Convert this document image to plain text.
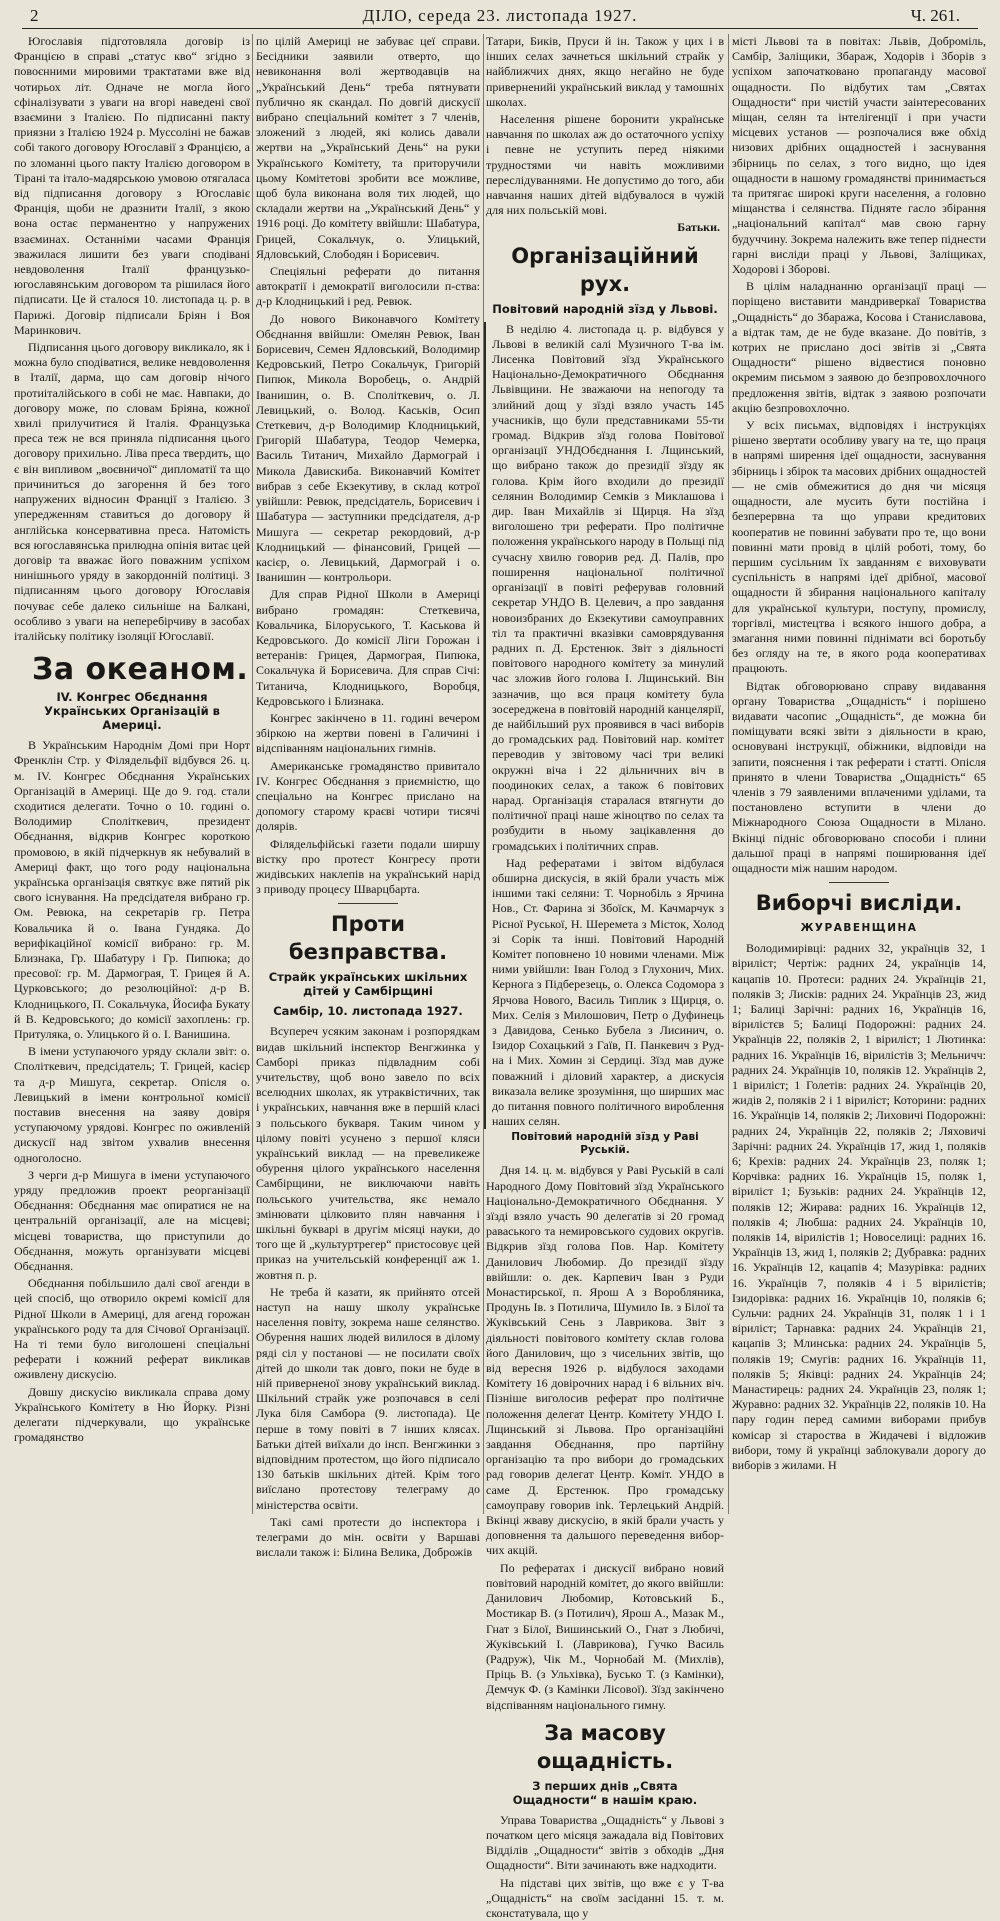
2	ДІЛО, середа 23. листопада 1927.	Ч. 261.

Югославія підготовляла договір із Францією в справі „статус кво“ згідно з повоєнними мировими трактатами вже від чотирьох літ. Одначе не могла його сфіналізувати з уваги на вгорі наведені свої взаємини з Італією. По підписанні пакту приязни з Італією 1924 р. Муссоліні не бажав собі такого договору Югославії з Францією, а по зломанні цього пакту Італією договором в Тірані та італо-мадярською умовою отягаласа від підписання договору з Югославіє Франція, щоби не дразнити Італії, з якою вона остає перманентно у напружених взаєминах. Останніми часами Франція зважилася лишити без уваги сподівані невдоволення Італії французько-югославянським договором та рішилася його підписати. Це й сталося 10. листопада ц. р. в Парижі. Договір підписали Бріян і Воя Маринкович.

Підписання цього договору викликало, як і можна було сподіватися, велике невдоволення в Італії, дарма, що сам договір нічого протиіталійського в собі не має. Навпаки, до договору може, по словам Бріяна, кожної хвилі прилучитися й Італія. Французька преса теж не вся приняла підписання цього договору прихильно. Ліва преса твердить, що є він випливом „воєвничої“ дипломатії та що причиниться до загорення й без того напружених відносин Франції з Італією. З упередженням ставиться до договору й англійська консервативна преса. Натомість вся югославянська прилюдна опінія витає цей договір та вважає його поважним успіхом нинішнього уряду в закордонній політиці. З підписанням цього договору Югославія почуває себе далеко сильніше на Балкані, особливо з уваги на неперебірчиву в засобах італійську політику ізоляції Югославії.

За океаном.
IV. Конгрес Обєднання Українських Організацій в Америці.

В Українським Народнім Домі при Норт Френклін Стр. у Філядельфії відбувся 26. ц. м. IV. Конгрес Обєднання Українських Організацій в Америці. Ще до 9. год. стали сходитися делегати. Точно о 10. годині о. Володимир Споліткевич, президент Обєднання, відкрив Конгрес короткою промовою, в якій підчеркнув як небувалий в Америці факт, що того роду національна українська організація святкує вже пятий рік свого існування. На предсідателя вибрано гр. Ом. Ревюка, на секретарів гр. Петра Ковальчика й о. Івана Гундяка. До верифікаційної комісії вибрано: гр. М. Близнака, Гр. Шабатуру і Гр. Пипюка; до пресової: гр. М. Дармограя, Т. Грицея й А. Цурковського; до резолюційної: д-р В. Клодницького, П. Сокальчука, Йосифа Букату й В. Кедровського; до комісії захоплень: гр. Притуляка, о. Улицького й о. І. Ванишина.

В імени уступаючого уряду склали звіт: о. Споліткевич, предсідатель; Т. Грицей, касієр та д-р Мишуга, секретар. Опісля о. Левицький в імени контрольної комісії поставив внесення на заяву довіря уступаючому урядові. Конгрес по оживленій дискусії над звітом ухвалив внесення одноголосно.

З черги д-р Мишуга в імени уступаючого уряду предложив проект реорганізації Обєднання: Обєднання має опиратися не на центральній організації, але на місцеві; місцеві товариства, що приступили до Обєднання, можуть організувати місцеві Обєднання.

Обєднання побільшило далі свої агенди в цей спосіб, що отворило окремі комісії для Рідної Школи в Америці, для агенд горожан українського роду та для Січової Організації. На ті теми було виголошені спеціальні реферати і кожний реферат викликав оживлену дискусію.

Довшу дискусію викликала справа дому Українського Комітету в Ню Йорку. Різні делегати підчеркували, що українське громадянство

по цілій Америці не забуває цеї справи. Бесідники заявили отверто, що невиконання волі жертводавців на „Український День“ треба пятнувати публично як скандал. По довгій дискусії вибрано спеціальний комітет з 7 членів, зложений з людей, які колись давали жертви на „Український День“ на руки Українського Комітету, та приторучили цьому Комітетові зробити все можливе, щоб була виконана воля тих людей, що складали жертви на „Український День“ у 1916 році. До комітету ввійшли: Шабатура, Грицей, Сокальчук, о. Улицький, Ядловський, Слободян і Борисевич.

Спеціяльні реферати до питання автократії і демократії виголосили п-ства: д-р Клодницький і ред. Ревюк.

До нового Виконавчого Комітету Обєднання ввійшли: Омелян Ревюк, Іван Борисевич, Семен Ядловський, Володимир Кедровський, Петро Сокальчук, Григорій Пипюк, Микола Воробець, о. Андрій Іванишин, о. В. Споліткевич, о. Л. Левицький, о. Волод. Каськів, Осип Стеткевич, д-р Володимир Клодницький, Григорій Шабатура, Теодор Чемерка, Василь Титанич, Михайло Дармограй і Микола Давискиба. Виконавчий Комітет вибрав з себе Екзекутиву, в склад котрої увійшли: Ревюк, предсідатель, Борисевич і Шабатура — заступники предсідателя, д-р Мишуга — секретар рекордовий, д-р Клодницький — фінансовий, Грицей — касієр, о. Левицький, Дармограй і о. Іванишин — контрольори.

Для справ Рідної Школи в Америці вибрано громадян: Стеткевича, Ковальчика, Білоруського, Т. Каськова й Кедровського. До комісії Ліги Горожан і ветеранів: Грицея, Дармограя, Пипюка, Сокальчука й Борисевича. Для справ Січі: Титанича, Клодницького, Воробця, Кедровського і Близнака.

Конгрес закінчено в 11. годині вечером збіркою на жертви повені в Галичині і відспіванням національних гимнів.

Американське громадянство привитало IV. Конгрес Обєднання з приємністю, що спеціально на Конгрес прислано на допомогу старому краєві чотири тисячі долярів.

Філядельфійські газети подали ширшу вістку про протест Конгресу проти жидівських наклепів на український нарід з приводу процесу Шварцбарта.

Проти безправства.
Страйк українських шкільних дітей у Самбірщині
Самбір, 10. листопада 1927.

Всупереч усяким законам і розпорядкам видав шкільний інспектор Венгжинка у Самборі приказ підвладним собі учительству, щоб воно завело по всіх вселюдних школах, як утраквістичних, так і українських, навчання вже в першій класі з польського букваря. Таким чином у цілому повіті усунено з першої кляси український виклад — на превеликеже обурення цілого українського населення Самбірщини, не виключаючи навіть польського учительства, якє немало змінювати цілковито плян навчання і шкільні букварі в другім місяці науки, до того ще й „культуртрегер“ пристосовує цей приказ на учительській конференції аж 1. жовтня п. р.

Не треба й казати, як прийнято отсей наступ на нашу школу українське населення повіту, зокрема наше селянство. Обурення наших людей вилилося в ділому ряді сіл у постанові — не посилати своїх дітей до школи так довго, поки не буде в ній приверненої знову український виклад. Шкільний страйк уже розпочався в селі Лука біля Самбора (9. листопада). Це перше в тому повіті в 7 інших клясах. Батьки дітей виїхали до інсп. Венгжинки з відповідним протестом, що його підписало 130 батьків шкільних дітей. Крім того виїслано протестову телеграму до міністерства освіти.

Такі самі протести до інспектора і телеграми до мін. освіти у Варшаві вислали також і: Білина Велика, Доброжів

Татари, Биків, Пруси й ін. Також у цих і в інших селах зачнеться шкільний страйк у найближчих днях, якщо негайно не буде приверненийі український виклад у тамошніх школах.

Населення рішене боронити українське навчання по школах аж до остаточного успіху і певне не уступить перед ніякими трудностями чи навіть можливими переслідуваннями. Не допустимо до того, аби навчання наших дітей відбувалося в чужій для них польській мові.

Батьки.
Організаційний рух.
Повітовий народній зїзд у Львові.

В неділю 4. листопада ц. р. відбувся у Львові в великій салі Музичного Т-ва ім. Лисенка Повітовий зїзд Українського Національно-Демократичного Обєднання Львівщини. Не зважаючи на непогоду та злийний дощ у зїзді взяло участь 145 учасників, що були представниками 55-ти громад. Відкрив зїзд голова Повітової організації УНДОбєднання І. Лщинський, що вибрано також до президії зїзду як голова. Крім його входили до президії селянин Володимир Семків з Миклашова і дир. Іван Михайлів зі Щирця. На зїзд виголошено три реферати. Про політичне положення українського народу в Польщі під сучасну хвилю говорив ред. Д. Палів, про поширення національної політичної організації в повіті реферував головний секретар УНДО В. Целевич, а про завдання новоизбраних до Екзекутиви самоуправних тіл та практичні вказівки самоврядування радних п. Д. Ерстенюк. Звіт з діяльності повітового народного комітету за минулий час зложив його голова І. Лщинський. Він зазначив, що вся праця комітету була зосереджена в повітовій народній канцелярії, де найбільший рух проявився в часі виборів до громадських рад. Повітовий нар. комітет переводив у звітовому часі три великі окружні віча і 22 дільничних віч в поодиноких селах, а також 6 повітових нарад. Організація старалася втягнути до політичної праці наше жіноцтво по селах та розбудити в ньому зацікавлення до громадських і політичних справ.

Над рефератами і звітом відбулася обширна дискусія, в якій брали участь між іншими такі селяни: Т. Чорнобіль з Ярчина Нов., Ст. Фарина зі Збоїск, М. Качмарчук з Рісної Руської, Н. Шеремета з Місток, Холод зі Сорік та інші. Повітовий Народній Комітет поповнено 10 новими членами. Між ними увійшли: Іван Голод з Глухонич, Мих. Кернога з Підберезець, о. Олекса Содомора з Ярчова Нового, Василь Типлик з Щирця, о. Мих. Селія з Милошович, Петр о Дуфинець з Давидова, Сенько Бубела з Лисинич, о. Ізидор Сохацький з Гаїв, П. Панкевич з Рудна і Мих. Хомин зі Сердиці. Зїзд мав дуже поважний і діловий характер, а дискусія виказала велике зрозуміння, що ширших мас до питання повного політичного вироблення наших селян.

Повітовий народній зїзд у Раві Руській.

Дня 14. ц. м. відбувся у Раві Руській в салі Народного Дому Повітовий зїзд Українського Національно-Демократичного Обєднання. У зїзді взяло участь 90 делегатів зі 20 громад раваського та немировського судових округів. Відкрив зїзд голова Пов. Нар. Комітету Данилович Любомир. До президії зїзду ввійшли: о. дек. Карпевич Іван з Руди Монастирської, п. Ярош А з Воробляника, Продунь Ів. з Потилича, Шумило Ів. з Білої та Жуківський Сень з Лаврикова. Звіт з діяльності повітового комітету склав голова його Данилович, що з чисельних звітів, що від вересня 1926 р. відбулося заходами Комітету 16 довірочних нарад і 6 вільних віч. Пізніше виголосив реферат про політичне положення делегат Центр. Комітету УНДО І. Лщинський зі Львова. Про організаційні завдання Обєднання, про партійну організацію та про вибори до громадських рад говорив делегат Центр. Коміт. УНДО в саме Д. Ерстенюк. Про громадську самоуправу говорив ink. Терлецький Андрій. Вкінці жваву дискусію, в якій брали участь у доповнення та дальшого переведення виборчих акцій.

По рефератах і дискусії вибрано новий повітовий народній комітет, до якого ввійшли: Данилович Любомир, Котовський Б., Мостикар В. (з Потилич), Ярош А., Мазак М., Гнат з Білої, Вишинський О., Гнат з Любичі, Жуківський І. (Лаврикова), Гучко Василь (Радруж), Чік М., Чорнобай М. (Михлів), Пріць В. (з Ульхівка), Бусько Т. (з Камінки), Демчук Ф. (з Камінки Лісової). Зїзд закінчено відспіванням національного гимну.

За масову ощадність.
З перших днів „Свята Ощадности“ в нашім краю.

Управа Товариства „Ощадність“ у Львові з початком цего місяця зажадала від Повітових Відділів „Ощадности“ звітів з обходів „Дня Ощадности“. Віти зачинають вже надходити.

На підставі цих звітів, що вже є у Т-ва „Ощадність“ на своїм засіданні 15. т. м. сконстатувала, що у

місті Львові та в повітах: Львів, Доброміль, Самбір, Заліщики, Збараж, Ходорів і Зборів з успіхом започатковано пропаганду масової ощадности. По відбутих там „Святах Ощадности“ при чистій участи заінтересованих міщан, селян та інтелігенції і при участи місцевих установ — розпочалися вже обхід низових дрібних ощадностей і заснування збірниць по селах, з того видно, що ідея ощадности в нашому громадянстві принимається та притягає широкі круги населення, а головно міщанства і селянства. Підняте гасло збірання „національний капітал“ мав свою гарну будуччину. Зокрема належить вже тепер піднести гарні висліди праці у Львові, Заліщиках, Ходорові і Зборові.

В цілім наладнанню організації праці — поріщено виставити мандриверкаї Товариства „Ощадність“ до Збаража, Косова і Станиславова, а відтак там, де не буде вказане. До повітів, з котрих не прислано досі звітів зі „Свята Ощадности“ рішено відвестися поновно окремим письмом з заявою до безпровохлочного предложення звітів, відтак з заявою розпочати акцію безпровохлочно.

У всіх письмах, відповідях і інструкціях рішено звертати особливу увагу на те, що праця в напрямі ширення ідеї ощадности, заснування збірниць і збірок та масових дрібних ощадностей — не смів обмежитися до дня чи місяця ощадности, але мусить бути постійна і безперервна та що управи кредитових кооператив не повинні забувати про те, що вони повинні мати провід в цілій роботі, тому, бо першим сусільним їх завданням є виховувати суспільність в напрямі ідеї дрібної, масової ощадности й збирання національного капіталу для української культури, поступу, промислу, торгівлі, мистецтва і всякого іншого добра, а змагання ними повинні піднімати всі боротьбу без огляду на те, в якого рода кооперативах працюють.

Відтак обговорювано справу видавання органу Товариства „Ощадність“ і порішено видавати часопис „Ощадність“, де можна би поміщувати всякі звіти з діяльности в краю, основувані інструкції, обіжники, відповіди на запити, пояснення і так реферати і статті. Опісля принято в члени Товариства „Ощадність“ 65 членів з 79 заявленими вплаченими уділами, та постановлено вступити в члени до Міжнародного Союза Ощадности в Мілано. Вкінці підніс обговорювано способи і плини дальшої праці в напрямі поширювання ідеї ощадности між нашим народом.

Виборчі висліди.
ЖУРАВЕНЩИНА

Володимирівці: радних 32, українців 32, 1 віриліст; Чертіж: радних 24, українців 14, кацапів 10. Протеси: радних 24. Українців 21, поляків 3; Лисків: радних 24. Українців 23, жид 1; Балиці Зарічні: радних 16, Українців 16, вірилістєв 5; Балиці Подорожні: радних 24. Українців 22, поляків 2, 1 віриліст; 1 Лютинка: радних 16. Українців 16, вірилістів 3; Мельничч: радних 24. Українців 10, поляків 12. Українців 2, 1 віриліст; 1 Голетів: радних 24. Українців 20, жидів 2, поляків 2 і 1 віриліст; Которини: радних 16. Українців 14, поляків 2; Лиховичі Подорожні: радних 24, Українців 22, поляків 2; Ляховичі Зарічні: радних 24. Українців 17, жид 1, поляків 6; Крехів: радних 24. Українців 23, поляк 1; Корчівка: радних 16. Українців 15, поляк 1, віриліст 1; Бузьків: радних 24. Українців 12, поляків 12; Жирава: радних 16. Українців 12, поляків 4; Любша: радних 24. Українців 10, поляків 14, вірилістів 1; Новоселиці: радних 16. Українців 13, жид 1, поляків 2; Дубравка: радних 16. Українців 12, кацапів 4; Мазурівка: радних 16. Українців 7, поляків 4 і 5 вірилістів; Ізидорівка: радних 16. Українців 10, поляків 6; Сульчи: радних 24. Українців 31, поляк 1 і 1 віриліст; Тарнавка: радних 24. Українців 21, кацапів 3; Млинська: радних 24. Українців 5, поляків 19; Смугів: радних 16. Українців 11, поляків 5; Яківці: радних 24. Українців 24; Манастирець: радних 24. Українців 23, поляк 1; Журавно: радних 32. Українців 22, поляків 10. На пару годин перед самими виборами прибув комісар зі староства в Жидачеві і відложив вибори, тому й українці заблокували дорогу до виборів з жилами. Н
